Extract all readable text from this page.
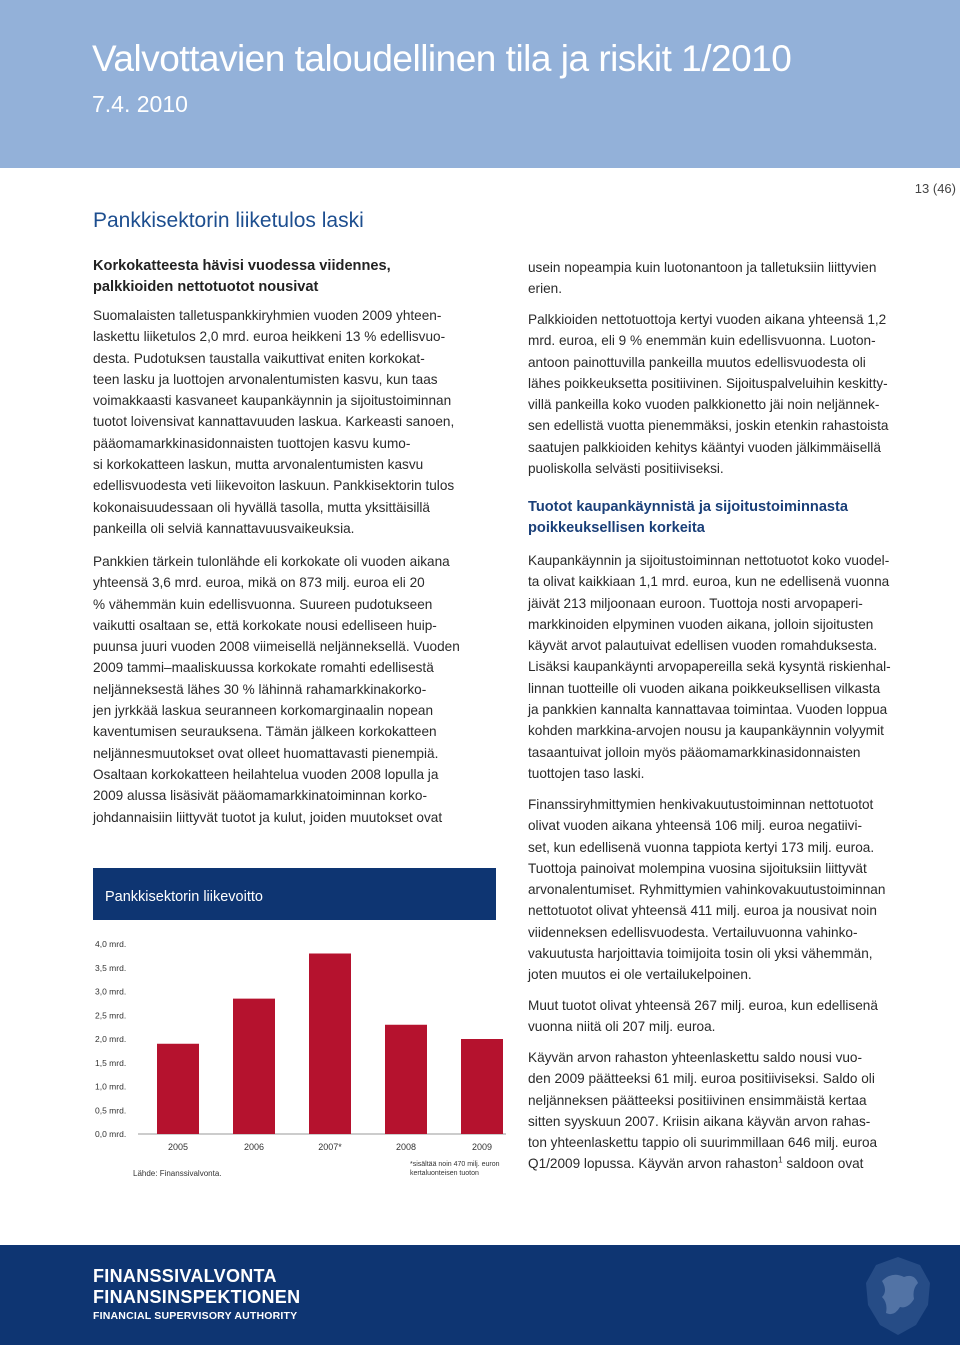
Valvottavien taloudellinen tila ja riskit 1/2010
7.4. 2010
13 (46)
Pankkisektorin liiketulos laski
Korkokatteesta hävisi vuodessa viidennes,
palkkioiden nettotuotot nousivat

Suomalaisten talletuspankkiryhmien vuoden 2009 yhteen-
laskettu liiketulos 2,0 mrd. euroa heikkeni 13 % edellisvuo-
desta. Pudotuksen taustalla vaikuttivat eniten korkokat-
teen lasku ja luottojen arvonalentumisten kasvu, kun taas
voimakkaasti kasvaneet kaupankäynnin ja sijoitustoiminnan
tuotot loivensivat kannattavuuden laskua. Karkeasti sanoen,
pääomamarkkinasidonnaisten tuottojen kasvu kumo-
si korkokatteen laskun, mutta arvonalentumisten kasvu
edellisvuodesta veti liikevoiton laskuun. Pankkisektorin tulos
kokonaisuudessaan oli hyvällä tasolla, mutta yksittäisillä
pankeilla oli selviä kannattavuusvaikeuksia.

Pankkien tärkein tulonlähde eli korkokate oli vuoden aikana
yhteensä 3,6 mrd. euroa, mikä on 873 milj. euroa eli 20
% vähemmän kuin edellisvuonna. Suureen pudotukseen
vaikutti osaltaan se, että korkokate nousi edelliseen huip-
puunsa juuri vuoden 2008 viimeisellä neljänneksellä. Vuoden
2009 tammi–maaliskuussa korkokate romahti edellisestä
neljänneksestä lähes 30 % lähinnä rahamarkkinakorko-
jen jyrkkää laskua seuranneen korkomarginaalin nopean
kaventumisen seurauksena. Tämän jälkeen korkokatteen
neljännesmuutokset ovat olleet huomattavasti pienempiä.
Osaltaan korkokatteen heilahtelua vuoden 2008 lopulla ja
2009 alussa lisäsivät pääomamarkkinatoiminnan korko-
johdannaisiin liittyvät tuotot ja kulut, joiden muutokset ovat

usein nopeampia kuin luotonantoon ja talletuksiin liittyvien
erien.

Palkkioiden nettotuottoja kertyi vuoden aikana yhteensä 1,2
mrd. euroa, eli 9 % enemmän kuin edellisvuonna. Luoton-
antoon painottuvilla pankeilla muutos edellisvuodesta oli
lähes poikkeuksetta positiivinen. Sijoituspalveluihin keskitty-
villä pankeilla koko vuoden palkkionetto jäi noin neljännek-
sen edellistä vuotta pienemmäksi, joskin etenkin rahastoista
saatujen palkkioiden kehitys kääntyi vuoden jälkimmäisellä
puoliskolla selvästi positiiviseksi.

Tuotot kaupankäynnistä ja sijoitustoiminnasta
poikkeuksellisen korkeita

Kaupankäynnin ja sijoitustoiminnan nettotuotot koko vuodel-
ta olivat kaikkiaan 1,1 mrd. euroa, kun ne edellisenä vuonna
jäivät 213 miljoonaan euroon. Tuottoja nosti arvopaperi-
markkinoiden elpyminen vuoden aikana, jolloin sijoitusten
käyvät arvot palautuivat edellisen vuoden romahduksesta.
Lisäksi kaupankäynti arvopapereilla sekä kysyntä riskienhal-
linnan tuotteille oli vuoden aikana poikkeuksellisen vilkasta
ja pankkien kannalta kannattavaa toimintaa. Vuoden loppua
kohden markkina-arvojen nousu ja kaupankäynnin volyymit
tasaantuivat jolloin myös pääomamarkkinasidonnaisten
tuottojen taso laski.

Finanssiryhmittymien henkivakuutustoiminnan nettotuotot
olivat vuoden aikana yhteensä 106 milj. euroa negatiivi-
set, kun edellisenä vuonna tappiota kertyi 173 milj. euroa.
Tuottoja painoivat molempina vuosina sijoituksiin liittyvät
arvonalentumiset. Ryhmittymien vahinkovakuutustoiminnan
nettotuotot olivat yhteensä 411 milj. euroa ja nousivat noin
viidenneksen edellisvuodesta. Vertailuvuonna vahinko-
vakuutusta harjoittavia toimijoita tosin oli yksi vähemmän,
joten muutos ei ole vertailukelpoinen.

Muut tuotot olivat yhteensä 267 milj. euroa, kun edellisenä
vuonna niitä oli 207 milj. euroa.

Käyvän arvon rahaston yhteenlaskettu saldo nousi vuo-
den 2009 päätteeksi 61 milj. euroa positiiviseksi. Saldo oli
neljänneksen päätteeksi positiivinen ensimmäistä kertaa
sitten syyskuun 2007. Kriisin aikana käyvän arvon rahas-
ton yhteenlaskettu tappio oli suurimmillaan 646 milj. euroa
Q1/2009 lopussa. Käyvän arvon rahaston$^1$ saldoon ovat

Pankkisektorin liikevoitto
0,0 mrd.
0,5 mrd.
1,0 mrd.
1,5 mrd.
2,0 mrd.
2,5 mrd.
3,0 mrd.
3,5 mrd.
4,0 mrd.
2005	2006	2007*	2008	2009
Lähde: Finanssivalvonta.
*sisältää noin 470 milj. euron
kertaluonteisen tuoton
FINANSSIVALVONTA
FINANSINSPEKTIONEN
FINANCIAL SUPERVISORY AUTHORITY
